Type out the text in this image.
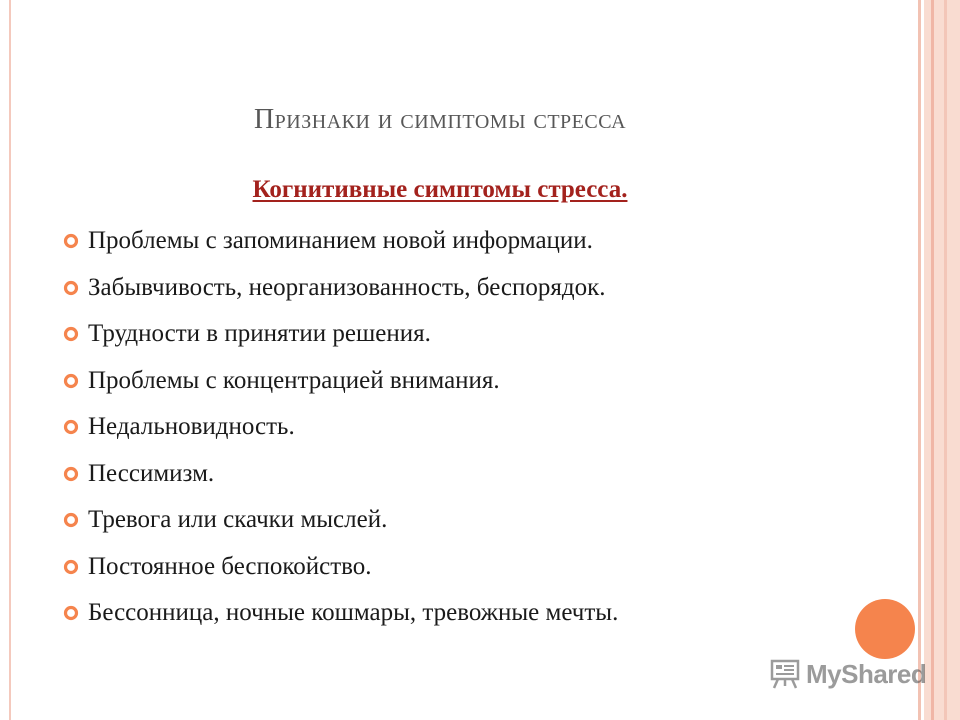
Признаки и симптомы стресса
Когнитивные симптомы стресса.
Проблемы с запоминанием новой информации.
Забывчивость, неорганизованность, беспорядок.
Трудности в принятии решения.
Проблемы с концентрацией внимания.
Недальновидность.
Пессимизм.
Тревога или скачки мыслей.
Постоянное беспокойство.
Бессонница, ночные кошмары, тревожные мечты.
MyShared
